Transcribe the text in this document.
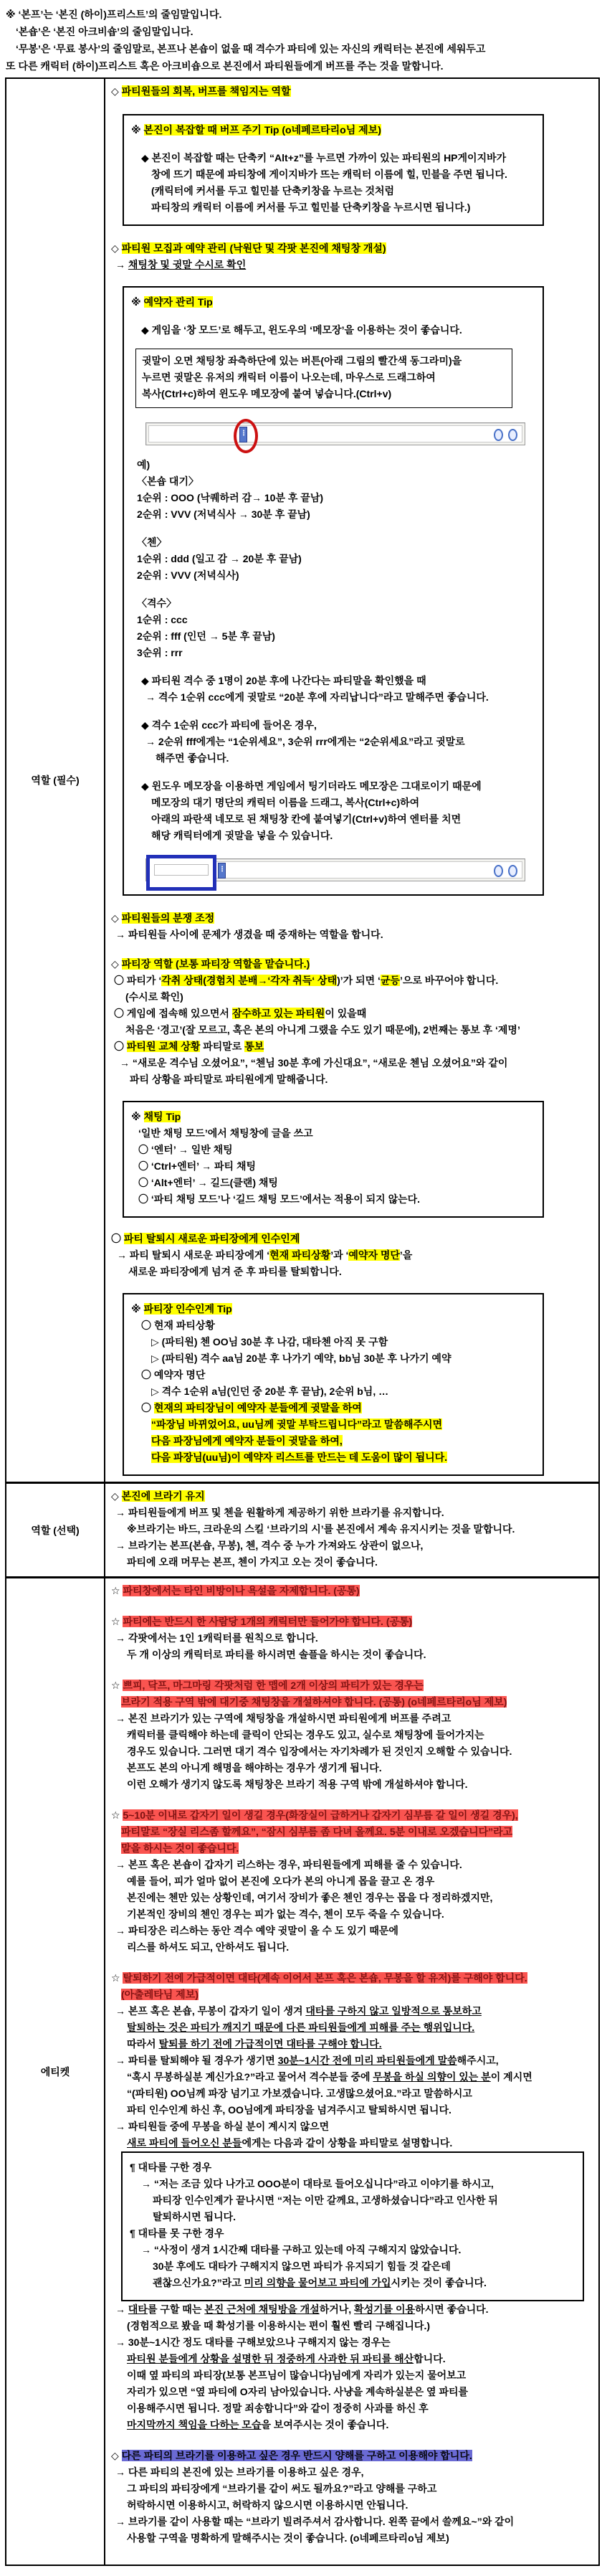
※ ‘본프’는 ‘본진 (하이)프리스트’의 줄임말입니다.
‘본숍’은 ‘본진 아크비숍’의 줄임말입니다.
‘무봉’은 ‘무료 봉사’의 줄임말로, 본프나 본숍이 없을 때 격수가 파티에 있는 자신의 캐릭터는 본진에 세워두고
또 다른 캐릭터 (하이)프리스트 혹은 아크비숍으로 본진에서 파티원들에게 버프를 주는 것을 말합니다.
역할 (필수)
◇ 파티원들의 회복, 버프를 책임지는 역할
※ 본진이 복잡할 때 버프 주기 Tip (o네페르타리o님 제보)
◆ 본진이 복잡할 때는 단축키 “Alt+z”를 누르면 가까이 있는 파티원의 HP게이지바가
창에 뜨기 때문에 파티창에 게이지바가 뜨는 캐릭터 이름에 힐, 민블을 주면 됩니다.
(캐릭터에 커서를 두고 힐민블 단축키창을 누르는 것처럼
파티창의 캐릭터 이름에 커서를 두고 힐민블 단축키창을 누르시면 됩니다.)
◇ 파티원 모집과 예약 관리 (낙원단 및 각팟 본진에 채팅창 개설)
→ 채팅창 및 귓말 수시로 확인
※ 예약자 관리 Tip
◆ 게임을 ‘창 모드’로 해두고, 윈도우의 ‘메모장’을 이용하는 것이 좋습니다.
귓말이 오면 채팅창 좌측하단에 있는 버튼(아래 그림의 빨간색 동그라미)을
누르면 귓말온 유저의 캐릭터 이름이 나오는데, 마우스로 드래그하여
복사(Ctrl+c)하여 윈도우 메모장에 붙여 넣습니다.(Ctrl+v)
⋮
예)
〈본숍 대기〉
1순위 : OOO (낙퀘하러 감→ 10분 후 끝남)
2순위 : VVV (저녁식사 → 30분 후 끝남)
〈첸〉
1순위 : ddd (일고 감 → 20분 후 끝남)
2순위 : VVV (저녁식사)
〈격수〉
1순위 : ccc
2순위 : fff (인던 → 5분 후 끝남)
3순위 : rrr
◆ 파티원 격수 중 1명이 20분 후에 나간다는 파티말을 확인했을 때
→ 격수 1순위 ccc에게 귓말로 “20분 후에 자리납니다”라고 말해주면 좋습니다.
◆ 격수 1순위 ccc가 파티에 들어온 경우,
→ 2순위 fff에게는 “1순위세요”, 3순위 rrr에게는 “2순위세요”라고 귓말로
해주면 좋습니다.
◆ 윈도우 메모장을 이용하면 게임에서 팅기더라도 메모장은 그대로이기 때문에
메모장의 대기 명단의 캐릭터 이름을 드래그, 복사(Ctrl+c)하여
아래의 파란색 네모로 된 채팅창 칸에 붙여넣기(Ctrl+v)하여 엔터를 치면
해당 캐릭터에게 귓말을 넣을 수 있습니다.
⋮
◇ 파티원들의 분쟁 조정
→ 파티원들 사이에 문제가 생겼을 때 중재하는 역할을 합니다.
◇ 파티장 역할 (보통 파티장 역할을 맡습니다.)
〇 파티가 ‘각취 상태(경험치 분배→‘각자 취득‘ 상태)’가 되면 ‘균등’으로 바꾸어야 합니다.
(수시로 확인)
〇 게임에 접속해 있으면서 잠수하고 있는 파티원이 있을때
처음은 ‘경고’(잘 모르고, 혹은 본의 아니게 그랬을 수도 있기 때문에), 2번째는 통보 후 ‘제명’
〇 파티원 교체 상황 파티말로 통보
→ “새로운 격수님 오셨어요”, “첸님 30분 후에 가신대요”, “새로운 첸님 오셨어요”와 같이
파티 상황을 파티말로 파티원에게 말해줍니다.
※ 채팅 Tip
‘일반 채팅 모드’에서 채팅창에 글을 쓰고
〇 ‘엔터’ → 일반 채팅
〇 ‘Ctrl+엔터’ → 파티 채팅
〇 ‘Alt+엔터’ → 길드(클랜) 채팅
〇 ‘파티 채팅 모드’나 ‘길드 채팅 모드’에서는 적용이 되지 않는다.
〇 파티 탈퇴시 새로운 파티장에게 인수인계
→ 파티 탈퇴시 새로운 파티장에게 ‘현재 파티상황’과 ‘예약자 명단’을
새로운 파티장에게 넘겨 준 후 파티를 탈퇴합니다.
※ 파티장 인수인계 Tip
〇 현재 파티상황
▷ (파티원) 첸 OO님 30분 후 나감, 대타첸 아직 못 구함
▷ (파티원) 격수 aa님 20분 후 나가기 예약, bb님 30분 후 나가기 예약
〇 예약자 명단
▷ 격수 1순위 a님(인던 중 20분 후 끝남), 2순위 b님, …
〇 현재의 파티장님이 예약자 분들에게 귓말을 하여
“파장님 바뀌었어요, uu님께 귓말 부탁드립니다”라고 말씀해주시면
다음 파장님에게 예약자 분들이 귓말을 하여,
다음 파장님(uu님)이 예약자 리스트를 만드는 데 도움이 많이 됩니다.
역할 (선택)
◇ 본진에 브라기 유지
→ 파티원들에게 버프 및 첸을 원활하게 제공하기 위한 브라기를 유지합니다.
※브라기는 바드, 크라운의 스킬 ‘브라기의 시’를 본진에서 계속 유지시키는 것을 말합니다.
→ 브라기는 본프(본숍, 무봉), 첸, 격수 중 누가 가져와도 상관이 없으나,
파티에 오래 머무는 본프, 첸이 가지고 오는 것이 좋습니다.
에티켓
☆ 파티창에서는 타인 비방이나 욕설을 자제합니다. (공통)
☆ 파티에는 반드시 한 사람당 1개의 캐릭터만 들어가야 합니다. (공통)
→ 각팟에서는 1인 1캐릭터를 원칙으로 합니다.
두 개 이상의 캐릭터로 파티를 하시려면 솔플을 하시는 것이 좋습니다.
☆ 쁘피, 닥프, 마그마링 각팟처럼 한 맵에 2개 이상의 파티가 있는 경우는
브라기 적용 구역 밖에 대기중 채팅창을 개설하셔야 합니다. (공통) (o네페르타리o님 제보)
→ 본진 브라기가 있는 구역에 채팅창을 개설하시면 파티원에게 버프를 주려고
캐릭터를 클릭해야 하는데 클릭이 안되는 경우도 있고, 실수로 채팅창에 들어가지는
경우도 있습니다. 그러면 대기 격수 입장에서는 자기차례가 된 것인지 오해할 수 있습니다.
본프도 본의 아니게 해명을 해야하는 경우가 생기게 됩니다.
이런 오해가 생기지 않도록 채팅창은 브라기 적용 구역 밖에 개설하셔야 합니다.
☆ 5~10분 이내로 갑자기 일이 생길 경우(화장실이 급하거나 갑자기 심부름 갈 일이 생길 경우),
파티말로 “장실 리스좀 할께요”, “잠시 심부름 좀 다녀 올께요. 5분 이내로 오겠습니다”라고
말을 하시는 것이 좋습니다.
→ 본프 혹은 본숍이 갑자기 리스하는 경우, 파티원들에게 피해를 줄 수 있습니다.
예를 들어, 피가 얼마 없어 본진에 오다가 본의 아니게 몹을 끌고 온 경우
본진에는 첸만 있는 상황인데, 여기서 장비가 좋은 첸인 경우는 몹을 다 정리하겠지만,
기본적인 장비의 첸인 경우는 피가 없는 격수, 첸이 모두 죽을 수 있습니다.
→ 파티장은 리스하는 동안 격수 예약 귓말이 올 수 도 있기 때문에
리스를 하셔도 되고, 안하셔도 됩니다.
☆ 탈퇴하기 전에 가급적이면 대타(계속 이어서 본프 혹은 본숍, 무봉을 할 유저)를 구해야 합니다.
(아출레타님 제보)
→ 본프 혹은 본숍, 무봉이 갑자기 일이 생겨 대타를 구하지 않고 일방적으로 통보하고
탈퇴하는 것은 파티가 깨지기 때문에 다른 파티원들에게 피해를 주는 행위입니다.
따라서 탈퇴를 하기 전에 가급적이면 대타를 구해야 합니다.
→ 파티를 탈퇴해야 될 경우가 생기면 30분~1시간 전에 미리 파티원들에게 말씀해주시고,
“혹시 무봉하실분 계신가요?”라고 물어서 격수분들 중에 무봉을 하실 의향이 있는 분이 계시면
“(파티원) OO님께 파장 넘기고 가보겠습니다. 고생많으셨어요.”라고 말씀하시고
파티 인수인계 하신 후, OO님에게 파티장을 넘겨주시고 탈퇴하시면 됩니다.
→ 파티원들 중에 무봉을 하실 분이 계시지 않으면
새로 파티에 들어오신 분들에게는 다음과 같이 상황을 파티말로 설명합니다.
¶ 대타를 구한 경우
→ “저는 조금 있다 나가고 OOO분이 대타로 들어오십니다”라고 이야기를 하시고,
파티장 인수인계가 끝나시면 “저는 이만 갈께요, 고생하셨습니다”라고 인사한 뒤
탈퇴하시면 됩니다.
¶ 대타를 못 구한 경우
→ “사정이 생겨 1시간째 대타를 구하고 있는데 아직 구해지지 않았습니다.
30분 후에도 대타가 구해지지 않으면 파티가 유지되기 힘들 것 같은데
괜찮으신가요?”라고 미리 의향을 물어보고 파티에 가입시키는 것이 좋습니다.
→ 대타를 구할 때는 본진 근처에 채팅방을 개설하거나, 확성기를 이용하시면 좋습니다.
(경험적으로 봤을 때 확성기를 이용하시는 편이 훨씬 빨리 구해집니다.)
→ 30분~1시간 정도 대타를 구해보았으나 구해지지 않는 경우는
파티원 분들에게 상황을 설명한 뒤 정중하게 사과한 뒤 파티를 해산합니다.
이때 옆 파티의 파티장(보통 본프님이 많습니다)님에게 자리가 있는지 물어보고
자리가 있으면 “옆 파티에 O자리 남아있습니다. 사냥을 계속하실분은 옆 파티를
이용해주시면 됩니다. 정말 죄송합니다”와 같이 정중히 사과를 하신 후
마지막까지 책임을 다하는 모습을 보여주시는 것이 좋습니다.
◇ 다른 파티의 브라기를 이용하고 싶은 경우 반드시 양해를 구하고 이용해야 합니다.
→ 다른 파티의 본진에 있는 브라기를 이용하고 싶은 경우,
그 파티의 파티장에게 “브라기를 같이 써도 될까요?”라고 양해를 구하고
허락하시면 이용하시고, 허락하지 않으시면 이용하시면 안됩니다.
→ 브라기를 같이 사용할 때는 “브라기 빌려주셔서 감사합니다. 왼쪽 끝에서 쓸께요~”와 같이
사용할 구역을 명확하게 말해주시는 것이 좋습니다. (o네페르타리o님 제보)
